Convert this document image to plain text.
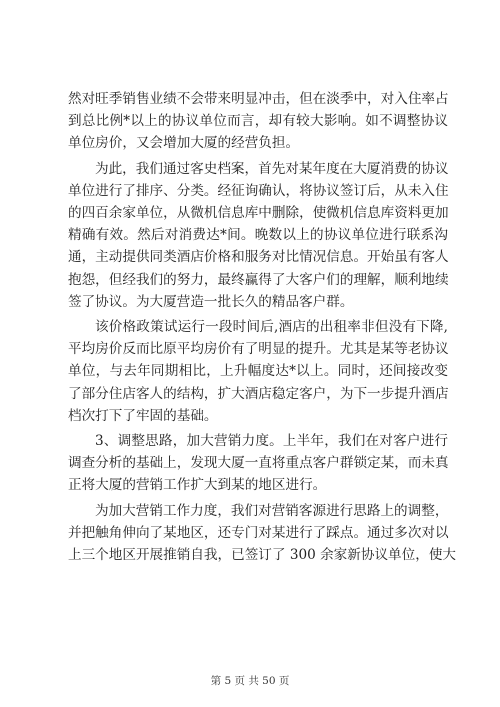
然对旺季销售业绩不会带来明显冲击，但在淡季中，对入住率占
到总比例*以上的协议单位而言，却有较大影响。如不调整协议
单位房价，又会增加大厦的经营负担。
为此，我们通过客史档案，首先对某年度在大厦消费的协议
单位进行了排序、分类。经征询确认，将协议签订后，从未入住
的四百余家单位，从微机信息库中删除，使微机信息库资料更加
精确有效。然后对消费达*间。晚数以上的协议单位进行联系沟
通，主动提供同类酒店价格和服务对比情况信息。开始虽有客人
抱怨，但经我们的努力，最终赢得了大客户们的理解，顺利地续
签了协议。为大厦营造一批长久的精品客户群。
该价格政策试运行一段时间后,酒店的出租率非但没有下降,
平均房价反而比原平均房价有了明显的提升。尤其是某等老协议
单位，与去年同期相比，上升幅度达*以上。同时，还间接改变
了部分住店客人的结构，扩大酒店稳定客户，为下一步提升酒店
档次打下了牢固的基础。
3、调整思路，加大营销力度。上半年，我们在对客户进行
调查分析的基础上，发现大厦一直将重点客户群锁定某，而未真
正将大厦的营销工作扩大到某的地区进行。
为加大营销工作力度，我们对营销客源进行思路上的调整，
并把触角伸向了某地区，还专门对某进行了踩点。通过多次对以
上三个地区开展推销自我，已签订了 300 余家新协议单位，使大
第 5 页 共 50 页
